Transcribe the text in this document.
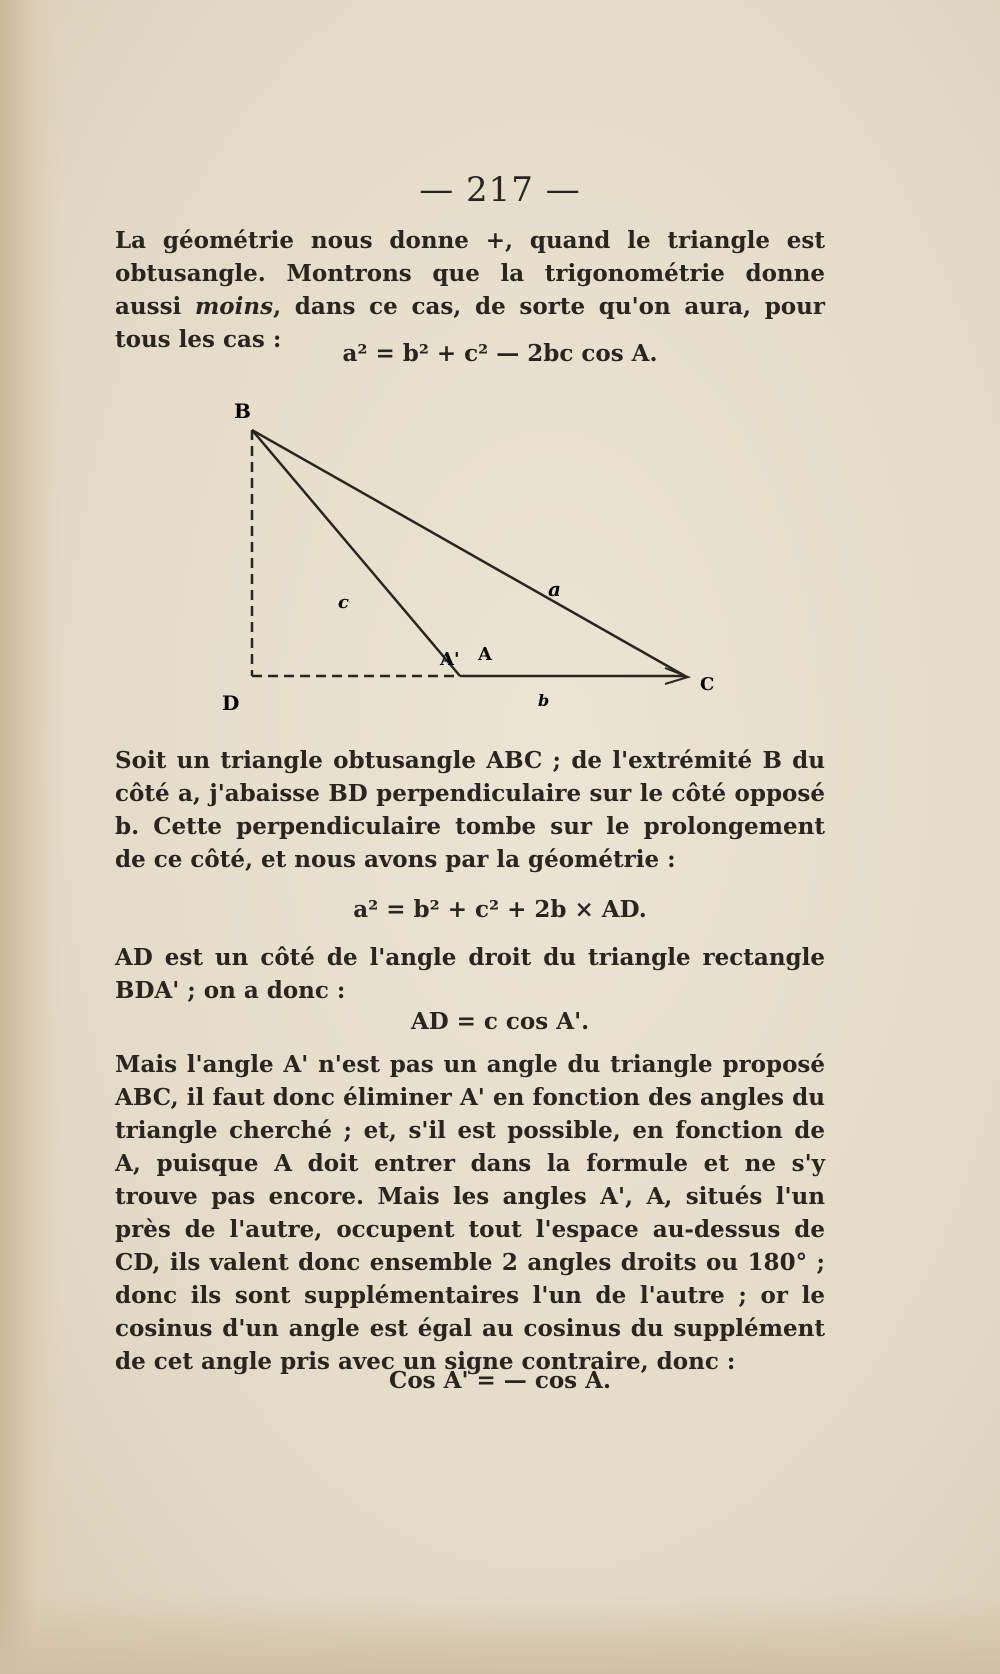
— 217 —
La géométrie nous donne +, quand le triangle est obtusangle. Montrons que la trigonométrie donne aussi moins, dans ce cas, de sorte qu'on aura, pour tous les cas :
a² = b² + c² — 2bc cos A.
B
D
C
A' A
a
b
c
Soit un triangle obtusangle ABC ; de l'extrémité B du côté a, j'abaisse BD perpendiculaire sur le côté opposé b. Cette perpendiculaire tombe sur le prolongement de ce côté, et nous avons par la géométrie :
a² = b² + c² + 2b × AD.
AD est un côté de l'angle droit du triangle rectangle BDA' ; on a donc :
AD = c cos A'.
Mais l'angle A' n'est pas un angle du triangle proposé ABC, il faut donc éliminer A' en fonction des angles du triangle cherché ; et, s'il est possible, en fonction de A, puisque A doit entrer dans la formule et ne s'y trouve pas encore. Mais les angles A', A, situés l'un près de l'autre, occupent tout l'espace au-dessus de CD, ils valent donc ensemble 2 angles droits ou 180° ; donc ils sont supplémentaires l'un de l'autre ; or le cosinus d'un angle est égal au cosinus du supplément de cet angle pris avec un signe contraire, donc :
Cos A' = — cos A.
